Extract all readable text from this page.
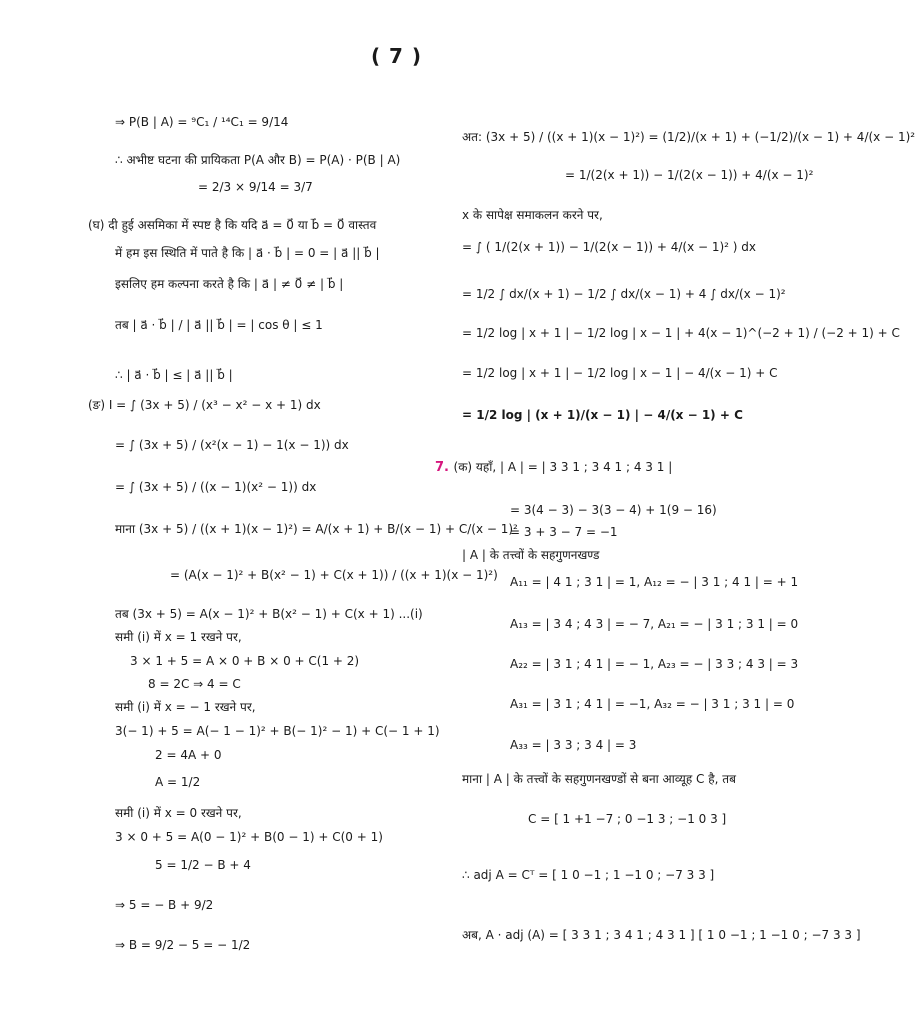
( 7 )
⇒ P(B | A) = ⁹C₁ / ¹⁴C₁ = 9/14
∴ अभीष्ट घटना की प्रायिकता P(A और B) = P(A) · P(B | A)
= 2/3 × 9/14 = 3/7
(घ) दी हुई असमिका में स्पष्ट है कि यदि a⃗ = 0⃗ या b⃗ = 0⃗ वास्तव
में हम इस स्थिति में पाते है कि | a⃗ · b⃗ | = 0 = | a⃗ || b⃗ |
इसलिए हम कल्पना करते है कि | a⃗ | ≠ 0⃗ ≠ | b⃗ |
तब | a⃗ · b⃗ | / | a⃗ || b⃗ | = | cos θ | ≤ 1
∴ | a⃗ · b⃗ | ≤ | a⃗ || b⃗ |
(ङ) I = ∫ (3x + 5) / (x³ − x² − x + 1) dx
= ∫ (3x + 5) / (x²(x − 1) − 1(x − 1)) dx
= ∫ (3x + 5) / ((x − 1)(x² − 1)) dx
माना (3x + 5) / ((x + 1)(x − 1)²) = A/(x + 1) + B/(x − 1) + C/(x − 1)²
= (A(x − 1)² + B(x² − 1) + C(x + 1)) / ((x + 1)(x − 1)²)
तब (3x + 5) = A(x − 1)² + B(x² − 1) + C(x + 1) ...(i)
समी (i) में x = 1 रखने पर,
3 × 1 + 5 = A × 0 + B × 0 + C(1 + 2)
8 = 2C ⇒ 4 = C
समी (i) में x = − 1 रखने पर,
3(− 1) + 5 = A(− 1 − 1)² + B(− 1)² − 1) + C(− 1 + 1)
2 = 4A + 0
A = 1/2
समी (i) में x = 0 रखने पर,
3 × 0 + 5 = A(0 − 1)² + B(0 − 1) + C(0 + 1)
5 = 1/2 − B + 4
⇒ 5 = − B + 9/2
⇒ B = 9/2 − 5 = − 1/2
अत: (3x + 5) / ((x + 1)(x − 1)²) = (1/2)/(x + 1) + (−1/2)/(x − 1) + 4/(x − 1)²
= 1/(2(x + 1)) − 1/(2(x − 1)) + 4/(x − 1)²
x के सापेक्ष समाकलन करने पर,
= ∫ ( 1/(2(x + 1)) − 1/(2(x − 1)) + 4/(x − 1)² ) dx
= 1/2 ∫ dx/(x + 1) − 1/2 ∫ dx/(x − 1) + 4 ∫ dx/(x − 1)²
= 1/2 log | x + 1 | − 1/2 log | x − 1 | + 4(x − 1)^(−2 + 1) / (−2 + 1) + C
= 1/2 log | x + 1 | − 1/2 log | x − 1 | − 4/(x − 1) + C
= 1/2 log | (x + 1)/(x − 1) | − 4/(x − 1) + C
7. (क) यहाँ, | A | = | 3 3 1 ; 3 4 1 ; 4 3 1 |
= 3(4 − 3) − 3(3 − 4) + 1(9 − 16)
= 3 + 3 − 7 = −1
| A | के तत्त्वों के सहगुणनखण्ड
A₁₁ = | 4 1 ; 3 1 | = 1, A₁₂ = − | 3 1 ; 4 1 | = + 1
A₁₃ = | 3 4 ; 4 3 | = − 7, A₂₁ = − | 3 1 ; 3 1 | = 0
A₂₂ = | 3 1 ; 4 1 | = − 1, A₂₃ = − | 3 3 ; 4 3 | = 3
A₃₁ = | 3 1 ; 4 1 | = −1, A₃₂ = − | 3 1 ; 3 1 | = 0
A₃₃ = | 3 3 ; 3 4 | = 3
माना | A | के तत्त्वों के सहगुणनखण्डों से बना आव्यूह C है, तब
C = [ 1 +1 −7 ; 0 −1 3 ; −1 0 3 ]
∴ adj A = Cᵀ = [ 1 0 −1 ; 1 −1 0 ; −7 3 3 ]
अब, A · adj (A) = [ 3 3 1 ; 3 4 1 ; 4 3 1 ] [ 1 0 −1 ; 1 −1 0 ; −7 3 3 ]
